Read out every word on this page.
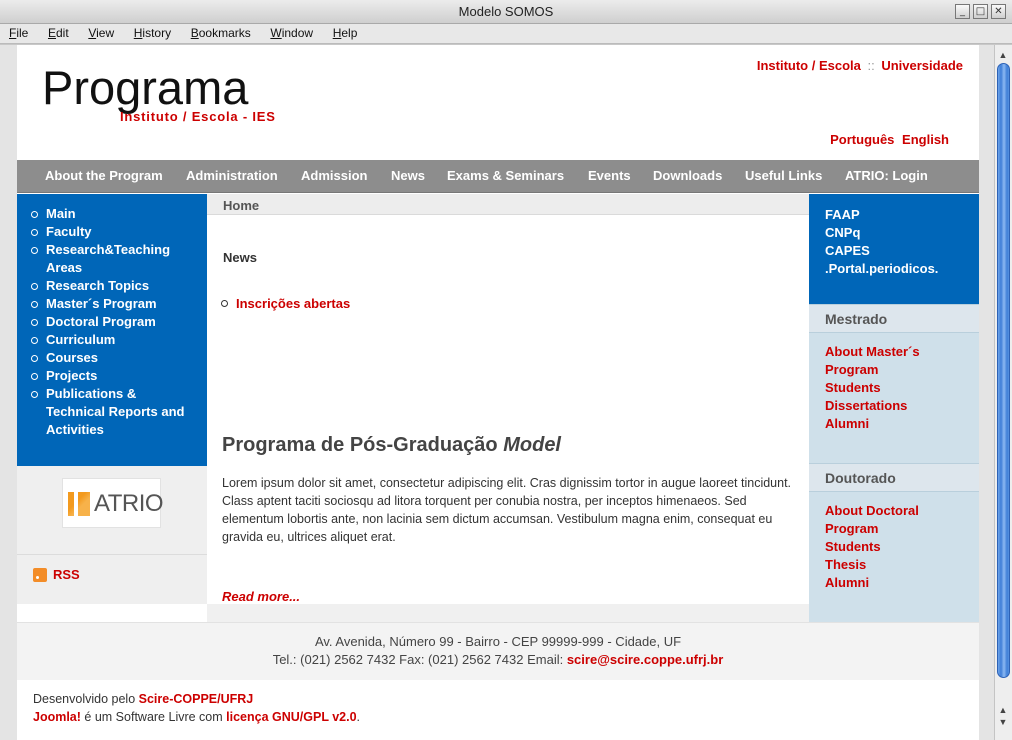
Modelo SOMOS	_	□ ✕
File Edit View History Bookmarks Window Help
Programa
Instituto / Escola - IES
Instituto / Escola :: Universidade
Português English
About the Program Administration Admission News Exams & Seminars Events Downloads Useful Links ATRIO: Login
Main
Faculty
Research&Teaching Areas
Research Topics
Master´s Program
Doctoral Program
Curriculum
Courses
Projects
Publications & Technical Reports and Activities
ATRIO
RSS
Home
News
Inscrições abertas
Programa de Pós-Graduação Model
Lorem ipsum dolor sit amet, consectetur adipiscing elit. Cras dignissim tortor in augue laoreet tincidunt. Class aptent taciti sociosqu ad litora torquent per conubia nostra, per inceptos himenaeos. Sed elementum lobortis ante, non lacinia sem dictum accumsan. Vestibulum magna enim, consequat eu gravida eu, ultrices aliquet erat.
Read more...
FAAP
CNPq
CAPES
.Portal.periodicos.
Mestrado
About Master´s Program
Students
Dissertations
Alumni
Doutorado
About Doctoral Program
Students
Thesis
Alumni
Av. Avenida, Número 99 - Bairro - CEP 99999-999 - Cidade, UF
Tel.: (021) 2562 7432 Fax: (021) 2562 7432 Email: scire@scire.coppe.ufrj.br
Desenvolvido pelo Scire-COPPE/UFRJ
Joomla! é um Software Livre com licença GNU/GPL v2.0.
▲
▲
▼
